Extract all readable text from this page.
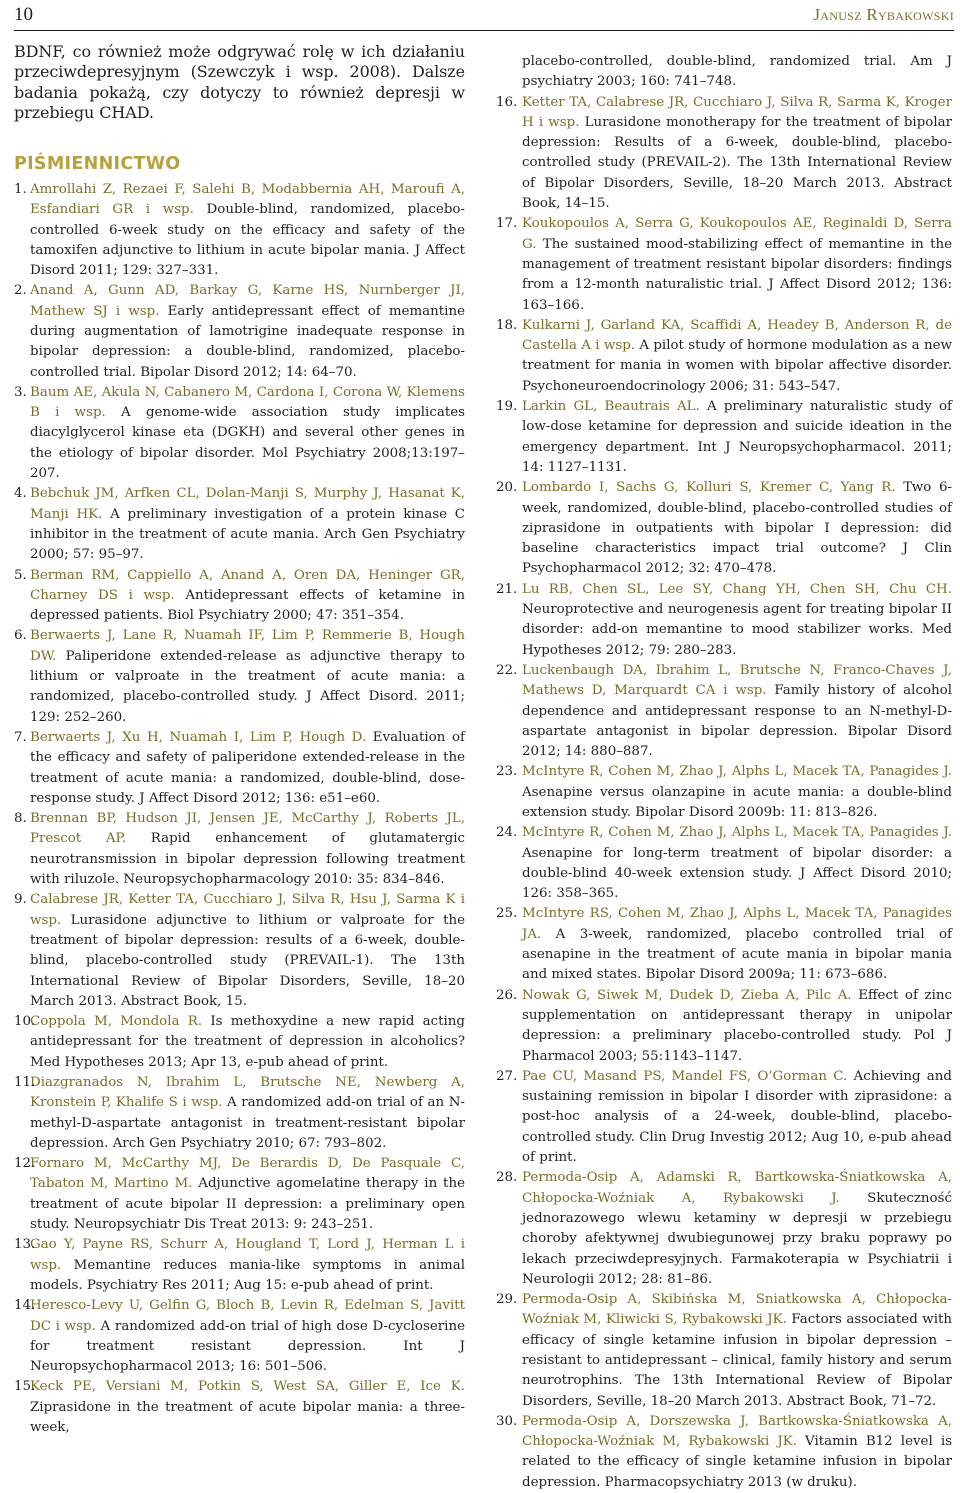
10	Janusz Rybakowski

BDNF, co również może odgrywać rolę w ich działaniu przeciwdepresyjnym (Szewczyk i wsp. 2008). Dalsze badania pokażą, czy dotyczy to również depresji w przebiegu CHAD.

PIŚMIENNICTWO
1. Amrollahi Z, Rezaei F, Salehi B, Modabbernia AH, Maroufi A, Esfandiari GR i wsp. Double-blind, randomized, placebo-controlled 6-week study on the efficacy and safety of the tamoxifen adjunctive to lithium in acute bipolar mania. J Affect Disord 2011; 129: 327–331.
2. Anand A, Gunn AD, Barkay G, Karne HS, Nurnberger JI, Mathew SJ i wsp. Early antidepressant effect of memantine during augmentation of lamotrigine inadequate response in bipolar depression: a double-blind, randomized, placebo-controlled trial. Bipolar Disord 2012; 14: 64–70.
3. Baum AE, Akula N, Cabanero M, Cardona I, Corona W, Klemens B i wsp. A genome-wide association study implicates diacylglycerol kinase eta (DGKH) and several other genes in the etiology of bipolar disorder. Mol Psychiatry 2008;13:197–207.
4. Bebchuk JM, Arfken CL, Dolan-Manji S, Murphy J, Hasanat K, Manji HK. A preliminary investigation of a protein kinase C inhibitor in the treatment of acute mania. Arch Gen Psychiatry 2000; 57: 95–97.
5. Berman RM, Cappiello A, Anand A, Oren DA, Heninger GR, Charney DS i wsp. Antidepressant effects of ketamine in depressed patients. Biol Psychiatry 2000; 47: 351–354.
6. Berwaerts J, Lane R, Nuamah IF, Lim P, Remmerie B, Hough DW. Paliperidone extended-release as adjunctive therapy to lithium or valproate in the treatment of acute mania: a randomized, placebo-controlled study. J Affect Disord. 2011; 129: 252–260.
7. Berwaerts J, Xu H, Nuamah I, Lim P, Hough D. Evaluation of the efficacy and safety of paliperidone extended-release in the treatment of acute mania: a randomized, double-blind, dose-response study. J Affect Disord 2012; 136: e51–e60.
8. Brennan BP, Hudson JI, Jensen JE, McCarthy J, Roberts JL, Prescot AP. Rapid enhancement of glutamatergic neurotransmission in bipolar depression following treatment with riluzole. Neuropsychopharmacology 2010: 35: 834–846.
9. Calabrese JR, Ketter TA, Cucchiaro J, Silva R, Hsu J, Sarma K i wsp. Lurasidone adjunctive to lithium or valproate for the treatment of bipolar depression: results of a 6-week, double-blind, placebo-controlled study (PREVAIL-1). The 13th International Review of Bipolar Disorders, Seville, 18–20 March 2013. Abstract Book, 15.
10.
Coppola M, Mondola R. Is methoxydine a new rapid acting antidepressant for the treatment of depression in alcoholics? Med Hypotheses 2013; Apr 13, e-pub ahead of print.
11.
Diazgranados N, Ibrahim L, Brutsche NE, Newberg A, Kronstein P, Khalife S i wsp. A randomized add-on trial of an N-methyl-D-aspartate antagonist in treatment-resistant bipolar depression. Arch Gen Psychiatry 2010; 67: 793–802.
12.
Fornaro M, McCarthy MJ, De Berardis D, De Pasquale C, Tabaton M, Martino M. Adjunctive agomelatine therapy in the treatment of acute bipolar II depression: a preliminary open study. Neuropsychiatr Dis Treat 2013: 9: 243–251.
13.
Gao Y, Payne RS, Schurr A, Hougland T, Lord J, Herman L i wsp. Memantine reduces mania-like symptoms in animal models. Psychiatry Res 2011; Aug 15: e-pub ahead of print.
14.
Heresco-Levy U, Gelfin G, Bloch B, Levin R, Edelman S, Javitt DC i wsp. A randomized add-on trial of high dose D-cycloserine for treatment resistant depression. Int J Neuropsychopharmacol 2013; 16: 501–506.
15.
Keck PE, Versiani M, Potkin S, West SA, Giller E, Ice K. Ziprasidone in the treatment of acute bipolar mania: a three-week,
placebo-controlled, double-blind, randomized trial. Am J psychiatry 2003; 160: 741–748.
16. Ketter TA, Calabrese JR, Cucchiaro J, Silva R, Sarma K, Kroger H i wsp. Lurasidone monotherapy for the treatment of bipolar depression: Results of a 6-week, double-blind, placebo-controlled study (PREVAIL-2). The 13th International Review of Bipolar Disorders, Seville, 18–20 March 2013. Abstract Book, 14–15.
17. Koukopoulos A, Serra G, Koukopoulos AE, Reginaldi D, Serra G. The sustained mood-stabilizing effect of memantine in the management of treatment resistant bipolar disorders: findings from a 12-month naturalistic trial. J Affect Disord 2012; 136: 163–166.
18. Kulkarni J, Garland KA, Scaffidi A, Headey B, Anderson R, de Castella A i wsp. A pilot study of hormone modulation as a new treatment for mania in women with bipolar affective disorder. Psychoneuroendocrinology 2006; 31: 543–547.
19. Larkin GL, Beautrais AL. A preliminary naturalistic study of low-dose ketamine for depression and suicide ideation in the emergency department. Int J Neuropsychopharmacol. 2011; 14: 1127–1131.
20. Lombardo I, Sachs G, Kolluri S, Kremer C, Yang R. Two 6-week, randomized, double-blind, placebo-controlled studies of ziprasidone in outpatients with bipolar I depression: did baseline characteristics impact trial outcome? J Clin Psychopharmacol 2012; 32: 470–478.
21. Lu RB, Chen SL, Lee SY, Chang YH, Chen SH, Chu CH. Neuroprotective and neurogenesis agent for treating bipolar II disorder: add-on memantine to mood stabilizer works. Med Hypotheses 2012; 79: 280–283.
22. Luckenbaugh DA, Ibrahim L, Brutsche N, Franco-Chaves J, Mathews D, Marquardt CA i wsp. Family history of alcohol dependence and antidepressant response to an N-methyl-D-aspartate antagonist in bipolar depression. Bipolar Disord 2012; 14: 880–887.
23. McIntyre R, Cohen M, Zhao J, Alphs L, Macek TA, Panagides J. Asenapine versus olanzapine in acute mania: a double-blind extension study. Bipolar Disord 2009b: 11: 813–826.
24. McIntyre R, Cohen M, Zhao J, Alphs L, Macek TA, Panagides J. Asenapine for long-term treatment of bipolar disorder: a double-blind 40-week extension study. J Affect Disord 2010; 126: 358–365.
25. McIntyre RS, Cohen M, Zhao J, Alphs L, Macek TA, Panagides JA. A 3-week, randomized, placebo controlled trial of asenapine in the treatment of acute mania in bipolar mania and mixed states. Bipolar Disord 2009a; 11: 673–686.
26. Nowak G, Siwek M, Dudek D, Zieba A, Pilc A. Effect of zinc supplementation on antidepressant therapy in unipolar depression: a preliminary placebo-controlled study. Pol J Pharmacol 2003; 55:1143–1147.
27. Pae CU, Masand PS, Mandel FS, O’Gorman C. Achieving and sustaining remission in bipolar I disorder with ziprasidone: a post-hoc analysis of a 24-week, double-blind, placebo-controlled study. Clin Drug Investig 2012; Aug 10, e-pub ahead of print.
28. Permoda-Osip A, Adamski R, Bartkowska-Śniatkowska A, Chłopocka-Woźniak A, Rybakowski J. Skuteczność jednorazowego wlewu ketaminy w depresji w przebiegu choroby afektywnej dwubiegunowej przy braku poprawy po lekach przeciwdepresyjnych. Farmakoterapia w Psychiatrii i Neurologii 2012; 28: 81–86.
29. Permoda-Osip A, Skibińska M, Sniatkowska A, Chłopocka-Woźniak M, Kliwicki S, Rybakowski JK. Factors associated with efficacy of single ketamine infusion in bipolar depression – resistant to antidepressant – clinical, family history and serum neurotrophins. The 13th International Review of Bipolar Disorders, Seville, 18–20 March 2013. Abstract Book, 71–72.
30. Permoda-Osip A, Dorszewska J, Bartkowska-Śniatkowska A, Chłopocka-Woźniak M, Rybakowski JK. Vitamin B12 level is related to the efficacy of single ketamine infusion in bipolar depression. Pharmacopsychiatry 2013 (w druku).
